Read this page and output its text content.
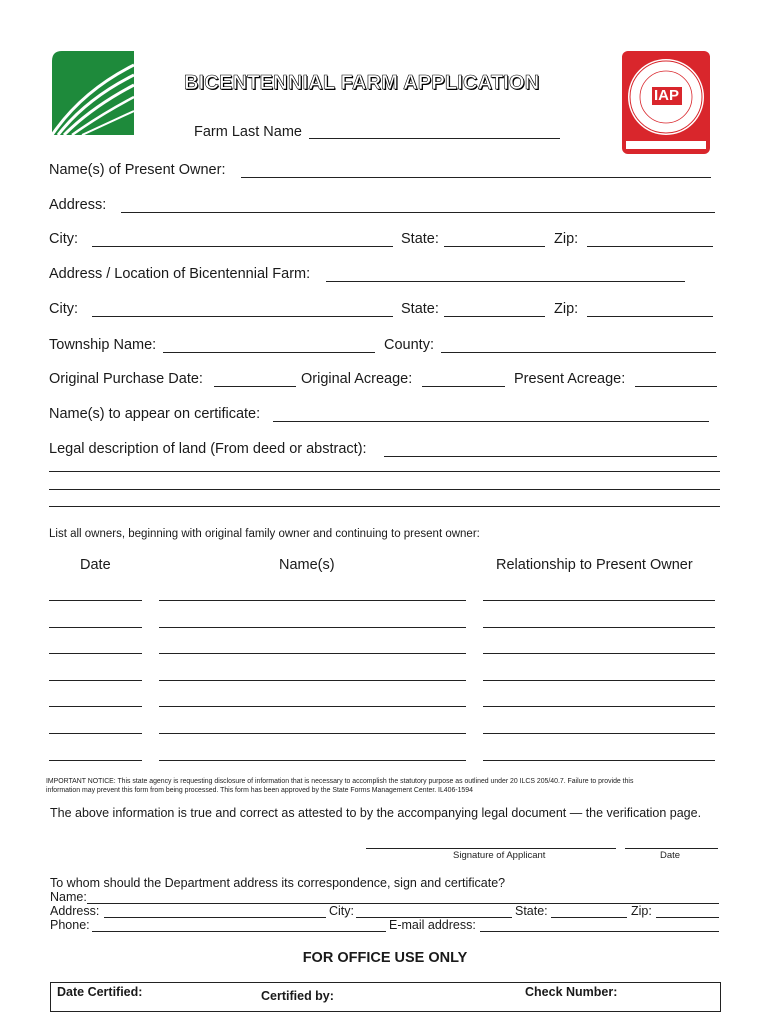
IAP
BICENTENNIAL FARM APPLICATION
Farm Last Name
Name(s) of Present Owner:
Address:
City:	State:	Zip:
Address / Location of Bicentennial Farm:
City:	State:	Zip:
Township Name:	County:
Original Purchase Date:	Original Acreage:	Present Acreage:
Name(s) to appear on certificate:
Legal description of land (From deed or abstract):
List all owners, beginning with original family owner and continuing to present owner:
Date	Name(s)	Relationship to Present Owner
IMPORTANT NOTICE: This state agency is requesting disclosure of information that is necessary to accomplish the statutory purpose as outlined under 20 ILCS 205/40.7. Failure to provide this
information may prevent this form from being processed. This form has been approved by the State Forms Management Center. IL406-1594
The above information is true and correct as attested to by the accompanying legal document — the verification page.
Signature of Applicant	Date
To whom should the Department address its correspondence, sign and certificate?
Name:
Address:	City:	State:	Zip:
Phone:	E-mail address:
FOR OFFICE USE ONLY
Date Certified:	Certified by:	Check Number:
